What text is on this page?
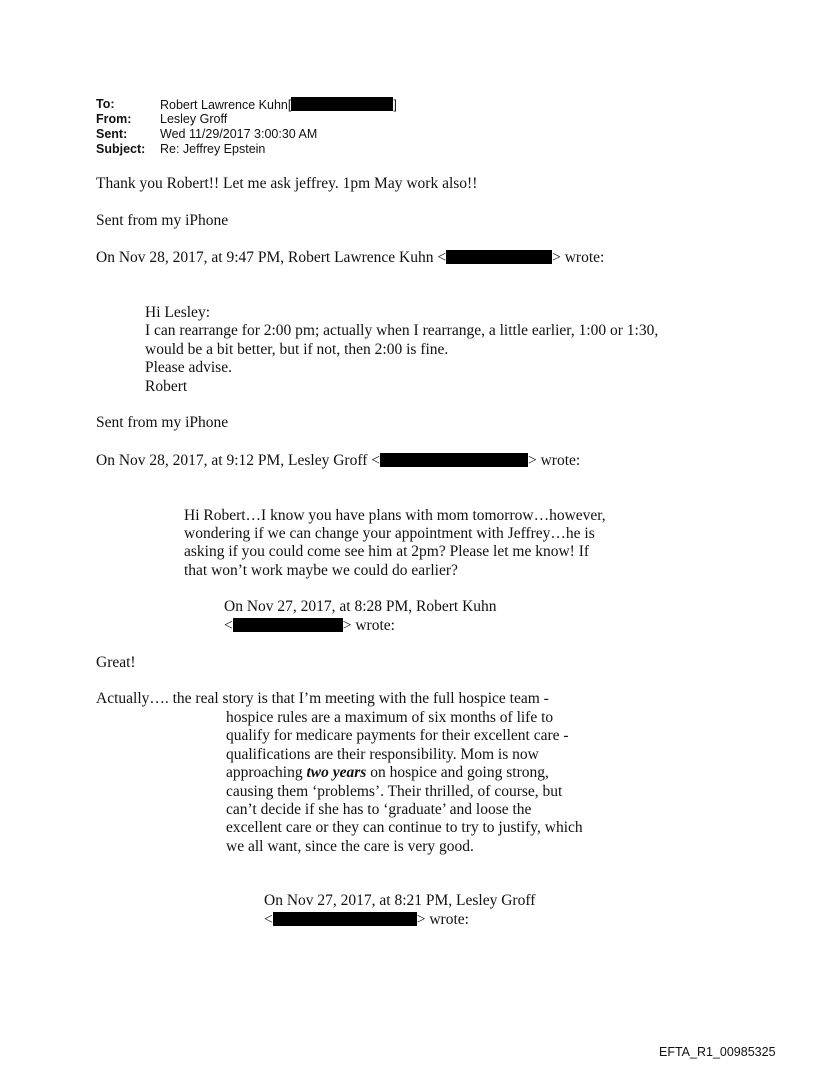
To:	Robert Lawrence Kuhn[	]
From: Lesley Groff
Sent:	Wed 11/29/2017 3:00:30 AM
Subject: Re: Jeffrey Epstein
Thank you Robert!! Let me ask jeffrey. 1pm May work also!!
Sent from my iPhone
On Nov 28, 2017, at 9:47 PM, Robert Lawrence Kuhn <	> wrote:
Hi Lesley:
I can rearrange for 2:00 pm; actually when I rearrange, a little earlier, 1:00 or 1:30,
would be a bit better, but if not, then 2:00 is fine.
Please advise.
Robert
Sent from my iPhone
On Nov 28, 2017, at 9:12 PM, Lesley Groff <	> wrote:
Hi Robert…I know you have plans with mom tomorrow…however,
wondering if we can change your appointment with Jeffrey…he is
asking if you could come see him at 2pm? Please let me know! If
that won’t work maybe we could do earlier?
On Nov 27, 2017, at 8:28 PM, Robert Kuhn
<	> wrote:
Great!
Actually…. the real story is that I’m meeting with the full hospice team -
hospice rules are a maximum of six months of life to
qualify for medicare payments for their excellent care -
qualifications are their responsibility. Mom is now
approaching two years on hospice and going strong,
causing them ‘problems’. Their thrilled, of course, but
can’t decide if she has to ‘graduate’ and loose the
excellent care or they can continue to try to justify, which
we all want, since the care is very good.
On Nov 27, 2017, at 8:21 PM, Lesley Groff
<	> wrote:
EFTA_R1_00985325
